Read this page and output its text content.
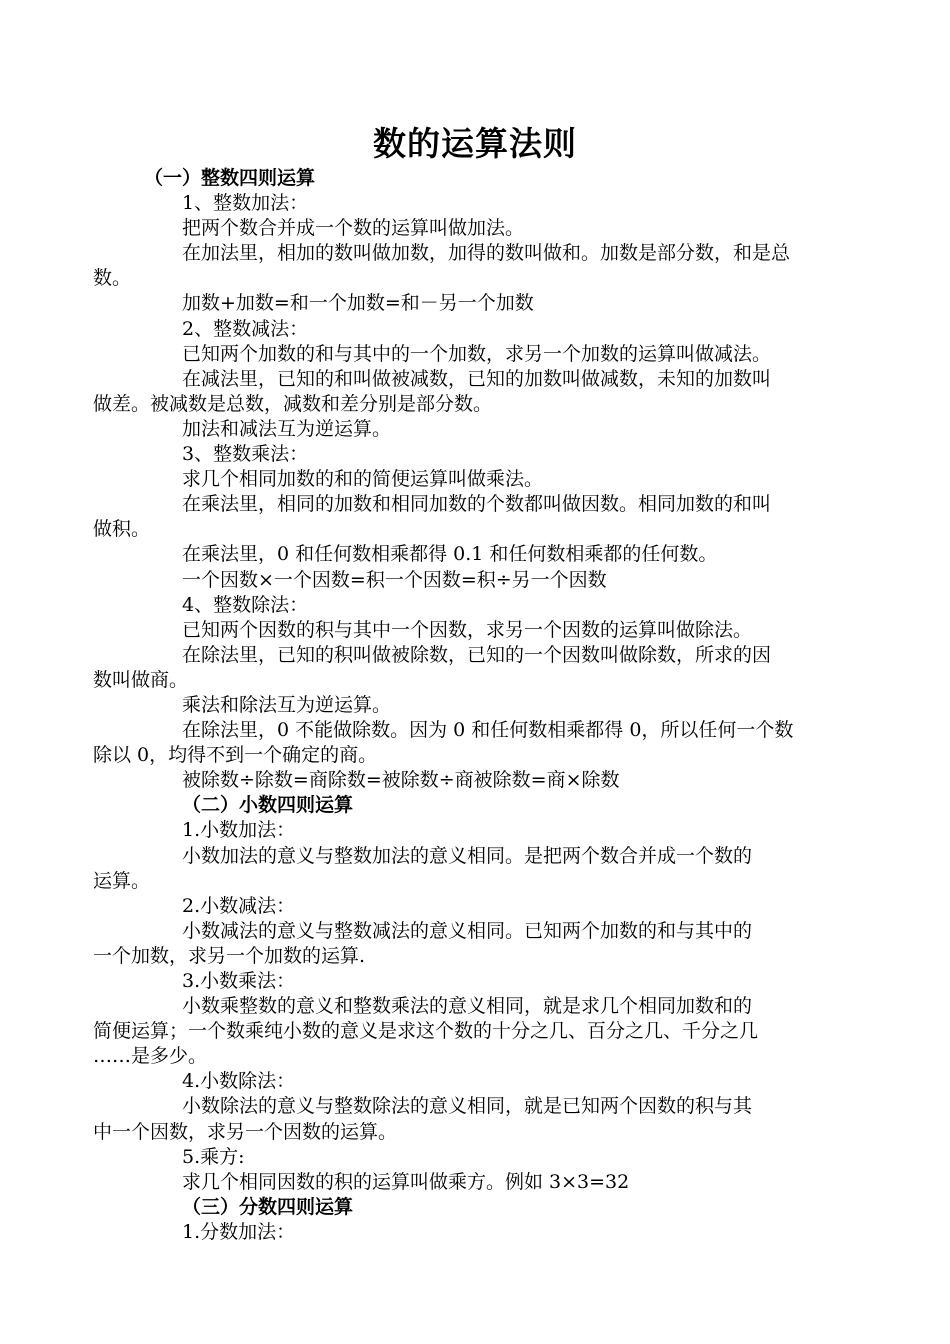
数的运算法则
（一）整数四则运算
1、整数加法：
把两个数合并成一个数的运算叫做加法。
在加法里，相加的数叫做加数，加得的数叫做和。加数是部分数，和是总
数。
加数+加数=和一个加数=和－另一个加数
2、整数减法：
已知两个加数的和与其中的一个加数，求另一个加数的运算叫做减法。
在减法里，已知的和叫做被减数，已知的加数叫做减数，未知的加数叫
做差。被减数是总数，减数和差分别是部分数。
加法和减法互为逆运算。
3、整数乘法：
求几个相同加数的和的简便运算叫做乘法。
在乘法里，相同的加数和相同加数的个数都叫做因数。相同加数的和叫
做积。
在乘法里，0 和任何数相乘都得 0.1 和任何数相乘都的任何数。
一个因数×一个因数=积一个因数=积÷另一个因数
4、整数除法：
已知两个因数的积与其中一个因数，求另一个因数的运算叫做除法。
在除法里，已知的积叫做被除数，已知的一个因数叫做除数，所求的因
数叫做商。
乘法和除法互为逆运算。
在除法里，0 不能做除数。因为 0 和任何数相乘都得 0，所以任何一个数
除以 0，均得不到一个确定的商。
被除数÷除数=商除数=被除数÷商被除数=商×除数
（二）小数四则运算
1.小数加法：
小数加法的意义与整数加法的意义相同。是把两个数合并成一个数的
运算。
2.小数减法：
小数减法的意义与整数减法的意义相同。已知两个加数的和与其中的
一个加数，求另一个加数的运算.
3.小数乘法：
小数乘整数的意义和整数乘法的意义相同，就是求几个相同加数和的
简便运算；一个数乘纯小数的意义是求这个数的十分之几、百分之几、千分之几
……是多少。
4.小数除法：
小数除法的意义与整数除法的意义相同，就是已知两个因数的积与其
中一个因数，求另一个因数的运算。
5.乘方:
求几个相同因数的积的运算叫做乘方。例如 3×3=32
（三）分数四则运算
1.分数加法：
